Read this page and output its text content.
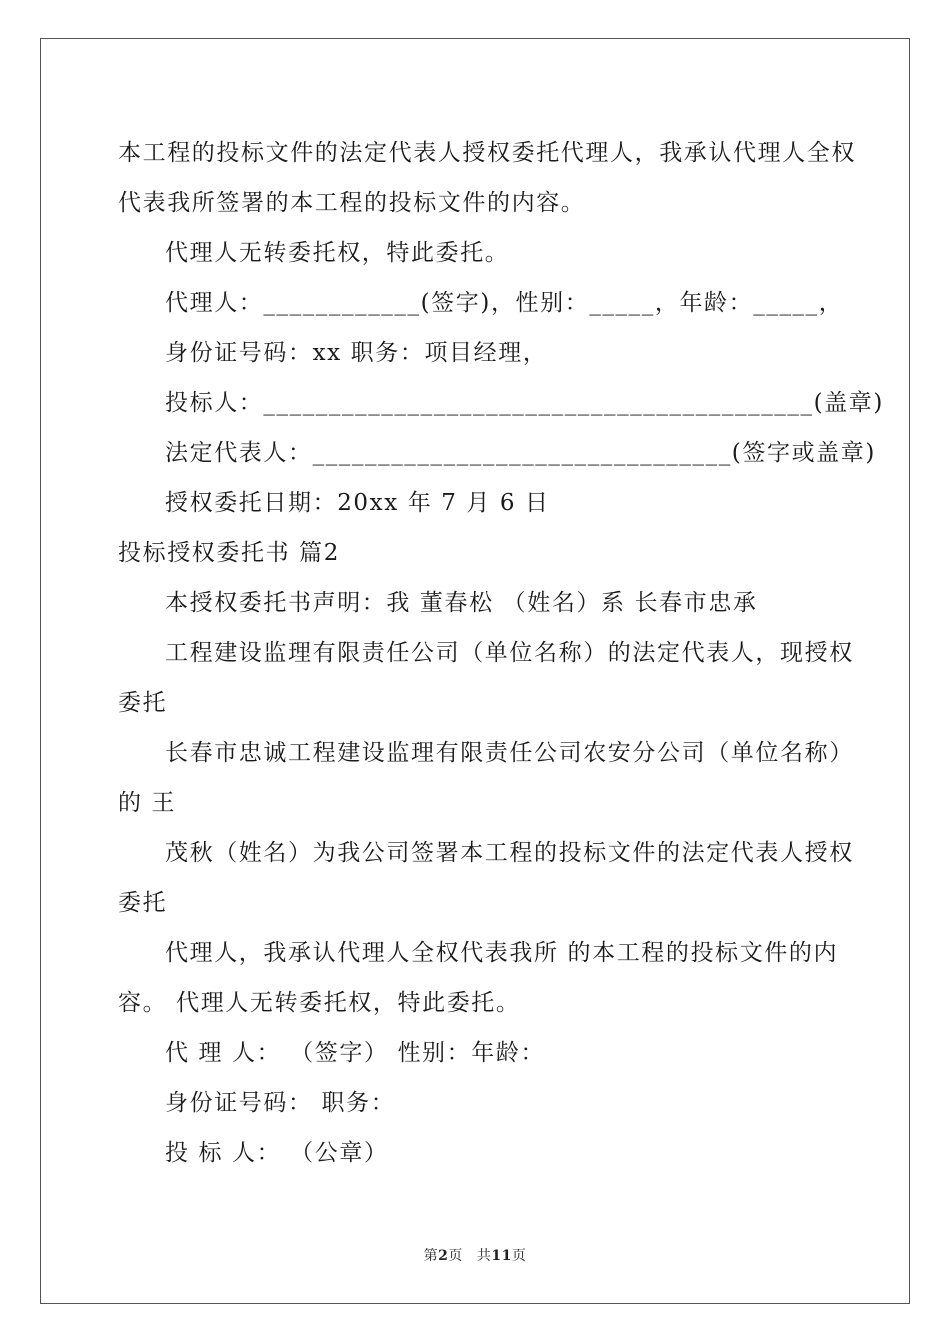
本工程的投标文件的法定代表人授权委托代理人，我承认代理人全权
代表我所签署的本工程的投标文件的内容。
代理人无转委托权，特此委托。
代理人：____________(签字)，性别：_____，年龄：_____，
身份证号码：xx 职务：项目经理，
投标人：__________________________________________(盖章)
法定代表人：________________________________(签字或盖章)
授权委托日期：20xx 年 7 月 6 日
投标授权委托书 篇2
本授权委托书声明：我 董春松 （姓名）系 长春市忠承
工程建设监理有限责任公司（单位名称）的法定代表人，现授权
委托
长春市忠诚工程建设监理有限责任公司农安分公司（单位名称）
的 王
茂秋（姓名）为我公司签署本工程的投标文件的法定代表人授权
委托
代理人，我承认代理人全权代表我所 的本工程的投标文件的内
容。 代理人无转委托权，特此委托。
代 理 人： （签字） 性别：年龄：
身份证号码： 职务：
投 标 人： （公章）
第2页 共11页
